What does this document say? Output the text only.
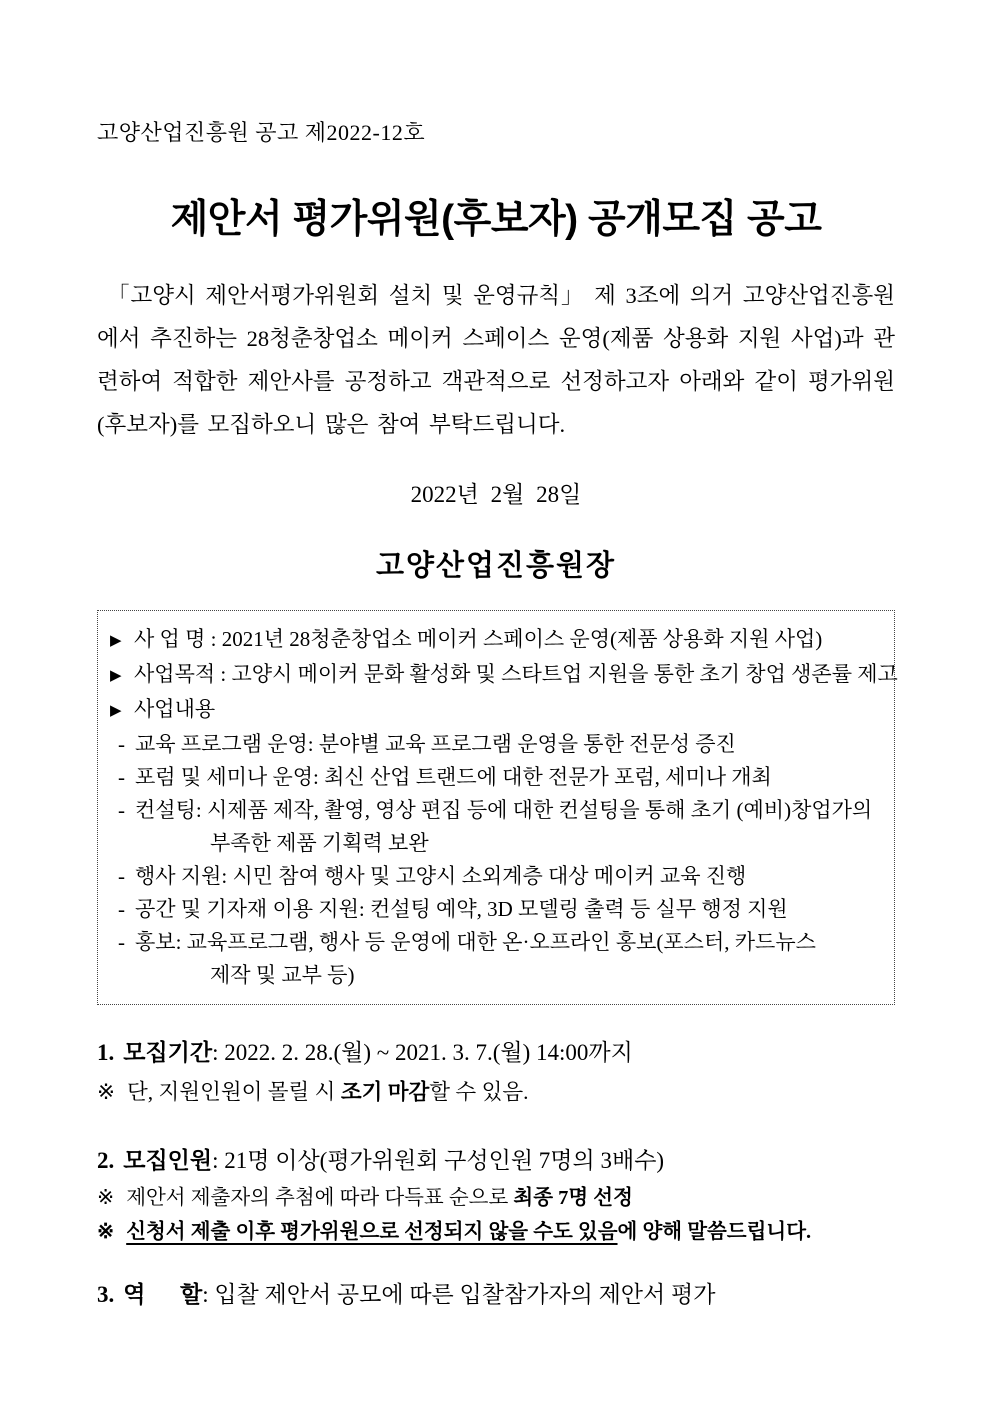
고양산업진흥원 공고 제2022-12호
제안서 평가위원(후보자) 공개모집 공고

「고양시 제안서평가위원회 설치 및 운영규칙」 제 3조에 의거 고양산업진흥원에서 추진하는 28청춘창업소 메이커 스페이스 운영(제품 상용화 지원 사업)과 관련하여 적합한 제안사를 공정하고 객관적으로 선정하고자 아래와 같이 평가위원(후보자)를 모집하오니 많은 참여 부탁드립니다.

2022년 2월 28일
고양산업진흥원장
▶ 사 업 명 : 2021년 28청춘창업소 메이커 스페이스 운영(제품 상용화 지원 사업)
▶ 사업목적 : 고양시 메이커 문화 활성화 및 스타트업 지원을 통한 초기 창업 생존률 제고
▶ 사업내용
- 교육 프로그램 운영: 분야별 교육 프로그램 운영을 통한 전문성 증진
- 포럼 및 세미나 운영: 최신 산업 트랜드에 대한 전문가 포럼, 세미나 개최
- 컨설팅: 시제품 제작, 촬영, 영상 편집 등에 대한 컨설팅을 통해 초기 (예비)창업가의
부족한 제품 기획력 보완
- 행사 지원: 시민 참여 행사 및 고양시 소외계층 대상 메이커 교육 진행
- 공간 및 기자재 이용 지원: 컨설팅 예약, 3D 모델링 출력 등 실무 행정 지원
- 홍보: 교육프로그램, 행사 등 운영에 대한 온·오프라인 홍보(포스터, 카드뉴스
제작 및 교부 등)
1. 모집기간: 2022. 2. 28.(월) ~ 2021. 3. 7.(월) 14:00까지
※ 단, 지원인원이 몰릴 시 조기 마감할 수 있음.
2. 모집인원: 21명 이상(평가위원회 구성인원 7명의 3배수)
※ 제안서 제출자의 추첨에 따라 다득표 순으로 최종 7명 선정
※ 신청서 제출 이후 평가위원으로 선정되지 않을 수도 있음에 양해 말씀드립니다.
3. 역      할: 입찰 제안서 공모에 따른 입찰참가자의 제안서 평가
